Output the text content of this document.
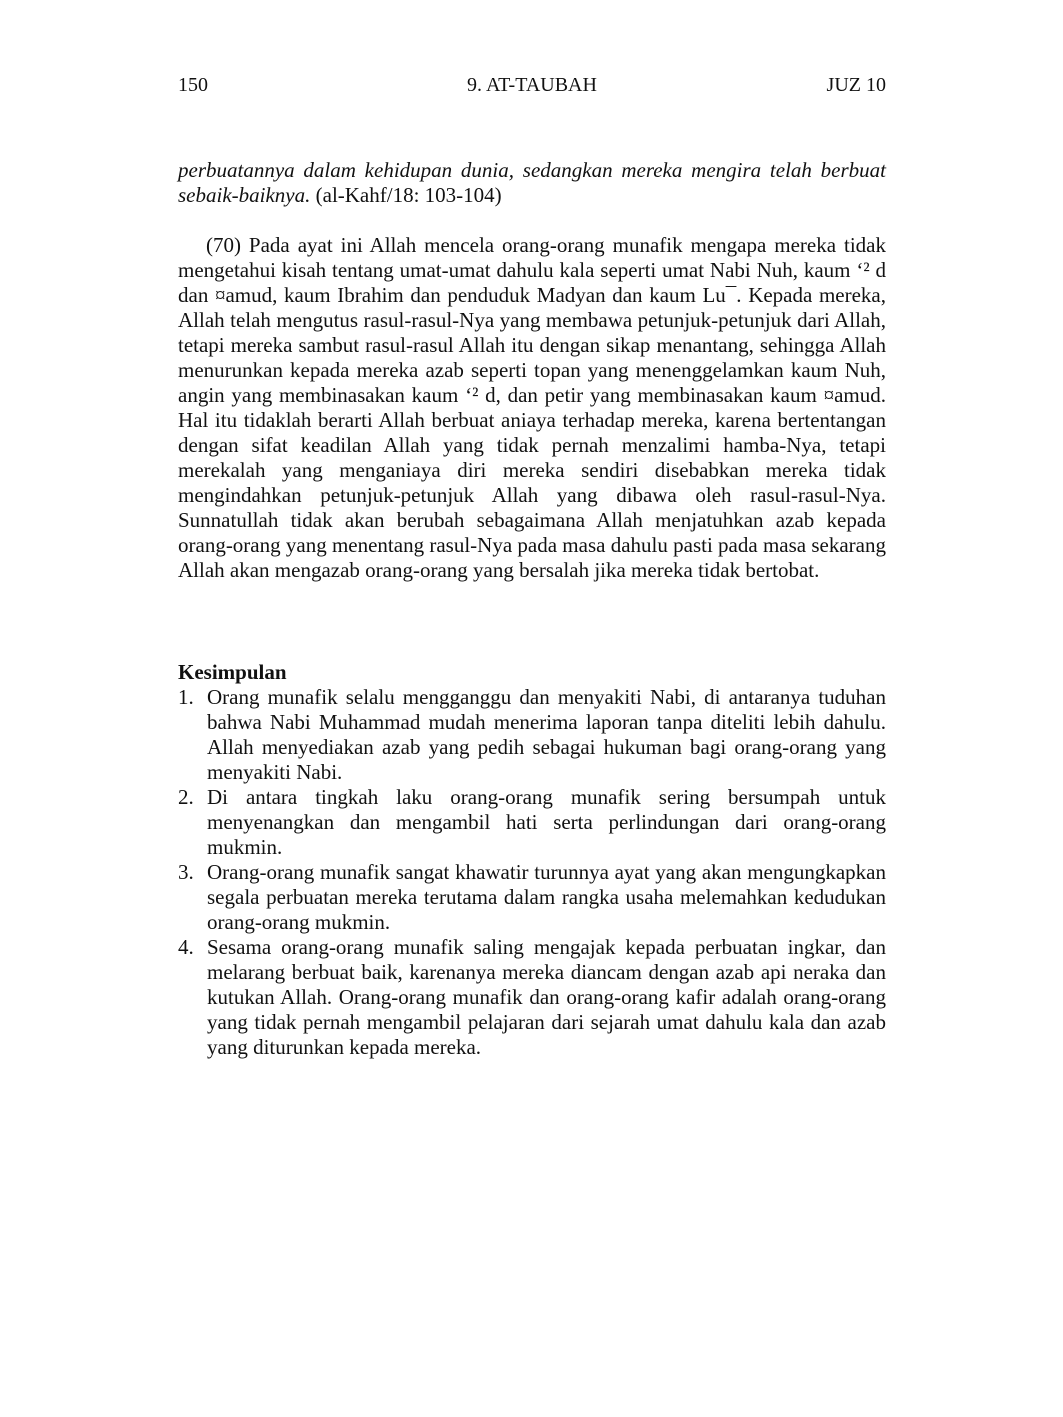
150	9. AT-TAUBAH	JUZ 10

perbuatannya dalam kehidupan dunia, sedangkan mereka mengira telah berbuat sebaik-baiknya. (al-Kahf/18: 103-104)

(70) Pada ayat ini Allah mencela orang-orang munafik mengapa mereka tidak mengetahui kisah tentang umat-umat dahulu kala seperti umat Nabi Nuh, kaum ‘² d dan ¤amud, kaum Ibrahim dan penduduk Madyan dan kaum Lu¯. Kepada mereka, Allah telah mengutus rasul-rasul-Nya yang membawa petunjuk-petunjuk dari Allah, tetapi mereka sambut rasul-rasul Allah itu dengan sikap menantang, sehingga Allah menurunkan kepada mereka azab seperti topan yang menenggelamkan kaum Nuh, angin yang membinasakan kaum ‘² d, dan petir yang membinasakan kaum ¤amud. Hal itu tidaklah berarti Allah berbuat aniaya terhadap mereka, karena bertentangan dengan sifat keadilan Allah yang tidak pernah menzalimi hamba-Nya, tetapi merekalah yang menganiaya diri mereka sendiri disebabkan mereka tidak mengindahkan petunjuk-petunjuk Allah yang dibawa oleh rasul-rasul-Nya. Sunnatullah tidak akan berubah sebagaimana Allah menjatuhkan azab kepada orang-orang yang menentang rasul-Nya pada masa dahulu pasti pada masa sekarang Allah akan mengazab orang-orang yang bersalah jika mereka tidak bertobat.

Kesimpulan
1. Orang munafik selalu mengganggu dan menyakiti Nabi, di antaranya tuduhan bahwa Nabi Muhammad mudah menerima laporan tanpa diteliti lebih dahulu. Allah menyediakan azab yang pedih sebagai hukuman bagi orang-orang yang menyakiti Nabi.
2. Di antara tingkah laku orang-orang munafik sering bersumpah untuk menyenangkan dan mengambil hati serta perlindungan dari orang-orang mukmin.
3. Orang-orang munafik sangat khawatir turunnya ayat yang akan mengungkapkan segala perbuatan mereka terutama dalam rangka usaha melemahkan kedudukan orang-orang mukmin.
4. Sesama orang-orang munafik saling mengajak kepada perbuatan ingkar, dan melarang berbuat baik, karenanya mereka diancam dengan azab api neraka dan kutukan Allah. Orang-orang munafik dan orang-orang kafir adalah orang-orang yang tidak pernah mengambil pelajaran dari sejarah umat dahulu kala dan azab yang diturunkan kepada mereka.
